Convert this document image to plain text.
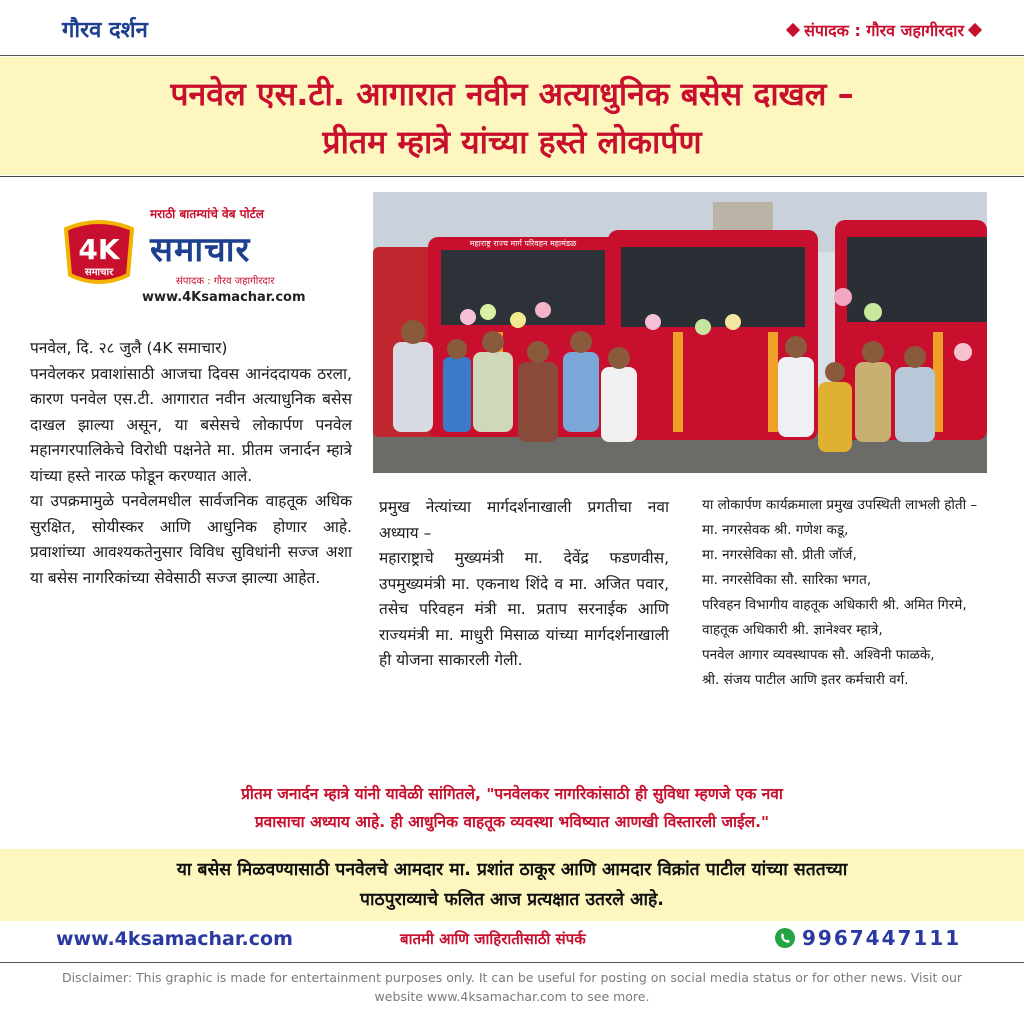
गौरव दर्शन	संपादक : गौरव जहागीरदार
पनवेल एस.टी. आगारात नवीन अत्याधुनिक बसेस दाखल –
प्रीतम म्हात्रे यांच्या हस्ते लोकार्पण
मराठी बातम्यांचे वेब पोर्टल
4K
समाचार
समाचार
संपादक : गौरव जहागीरदार
www.4Ksamachar.com
पनवेल, दि. २८ जुलै (4K समाचार)
पनवेलकर प्रवाशांसाठी आजचा दिवस आनंददायक ठरला, कारण पनवेल एस.टी. आगारात नवीन अत्याधुनिक बसेस दाखल झाल्या असून, या बसेसचे लोकार्पण पनवेल महानगरपालिकेचे विरोधी पक्षनेते मा. प्रीतम जनार्दन म्हात्रे यांच्या हस्ते नारळ फोडून करण्यात आले.
या उपक्रमामुळे पनवेलमधील सार्वजनिक वाहतूक अधिक सुरक्षित, सोयीस्कर आणि आधुनिक होणार आहे. प्रवाशांच्या आवश्यकतेनुसार विविध सुविधांनी सज्ज अशा या बसेस नागरिकांच्या सेवेसाठी सज्ज झाल्या आहेत.
महाराष्ट्र राज्य मार्ग परिवहन महामंडळ
प्रमुख नेत्यांच्या मार्गदर्शनाखाली प्रगतीचा नवा अध्याय –
महाराष्ट्राचे मुख्यमंत्री मा. देवेंद्र फडणवीस, उपमुख्यमंत्री मा. एकनाथ शिंदे व मा. अजित पवार, तसेच परिवहन मंत्री मा. प्रताप सरनाईक आणि राज्यमंत्री मा. माधुरी मिसाळ यांच्या मार्गदर्शनाखाली ही योजना साकारली गेली.
या लोकार्पण कार्यक्रमाला प्रमुख उपस्थिती लाभली होती –
मा. नगरसेवक श्री. गणेश कडू,
मा. नगरसेविका सौ. प्रीती जॉर्ज,
मा. नगरसेविका सौ. सारिका भगत,
परिवहन विभागीय वाहतूक अधिकारी श्री. अमित गिरमे,
वाहतूक अधिकारी श्री. ज्ञानेश्वर म्हात्रे,
पनवेल आगार व्यवस्थापक सौ. अश्विनी फाळके,
श्री. संजय पाटील आणि इतर कर्मचारी वर्ग.
प्रीतम जनार्दन म्हात्रे यांनी यावेळी सांगितले, "पनवेलकर नागरिकांसाठी ही सुविधा म्हणजे एक नवा
प्रवासाचा अध्याय आहे. ही आधुनिक वाहतूक व्यवस्था भविष्यात आणखी विस्तारली जाईल."
या बसेस मिळवण्यासाठी पनवेलचे आमदार मा. प्रशांत ठाकूर आणि आमदार विक्रांत पाटील यांच्या सततच्या
पाठपुराव्याचे फलित आज प्रत्यक्षात उतरले आहे.
www.4ksamachar.com	बातमी आणि जाहिरातीसाठी संपर्क	9967447111
Disclaimer: This graphic is made for entertainment purposes only. It can be useful for posting on social media status or for other news. Visit our website www.4ksamachar.com to see more.
